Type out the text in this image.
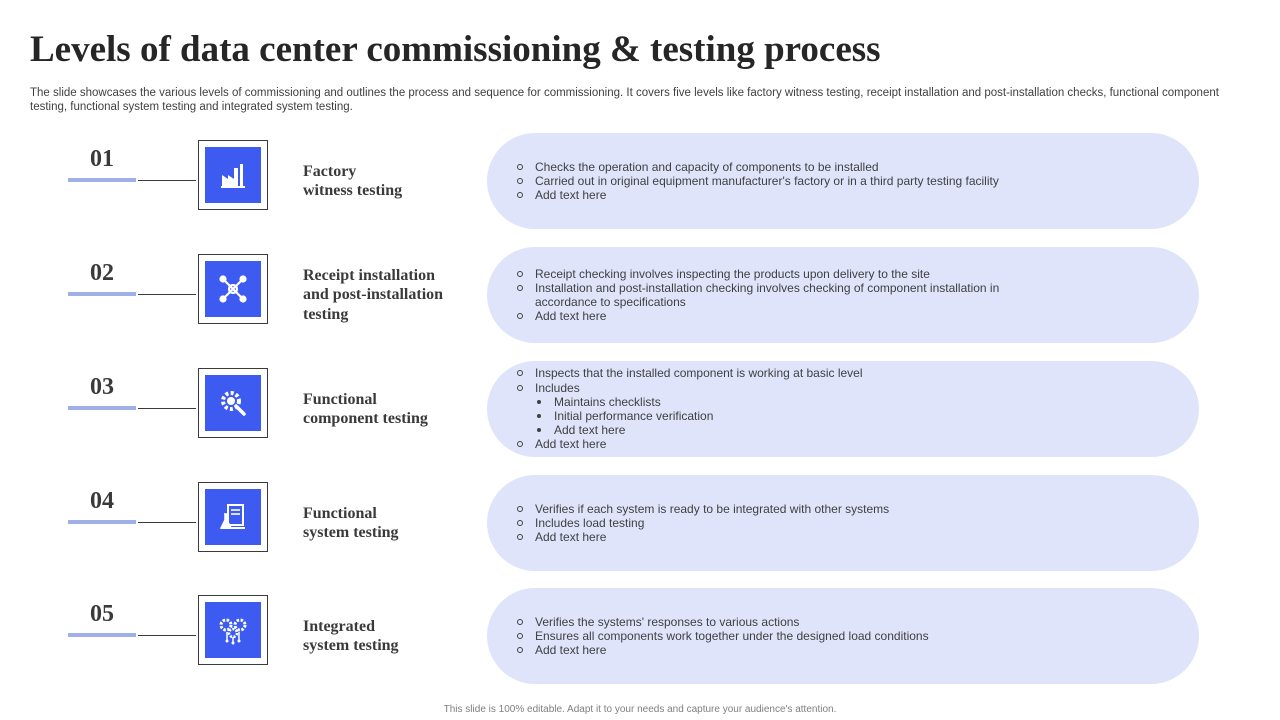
Levels of data center commissioning & testing process
The slide showcases the various levels of commissioning and outlines the process and sequence for commissioning. It covers five levels like factory witness testing, receipt installation and post-installation checks, functional component testing, functional system testing and integrated system testing.
01	Factory
witness testing
Checks the operation and capacity of components to be installed
Carried out in original equipment manufacturer's factory or in a third party testing facility
Add text here
02	Receipt installation
and post-installation
testing
Receipt checking involves inspecting the products upon delivery to the site
Installation and post-installation checking involves checking of component installation in accordance to specifications
Add text here
03	Functional
component testing
Inspects that the installed component is working at basic level
Includes
Maintains checklists
Initial performance verification
Add text here
Add text here
04	Functional
system testing
Verifies if each system is ready to be integrated with other systems
Includes load testing
Add text here
05	Integrated
system testing
Verifies the systems' responses to various actions
Ensures all components work together under the designed load conditions
Add text here
This slide is 100% editable. Adapt it to your needs and capture your audience's attention.
